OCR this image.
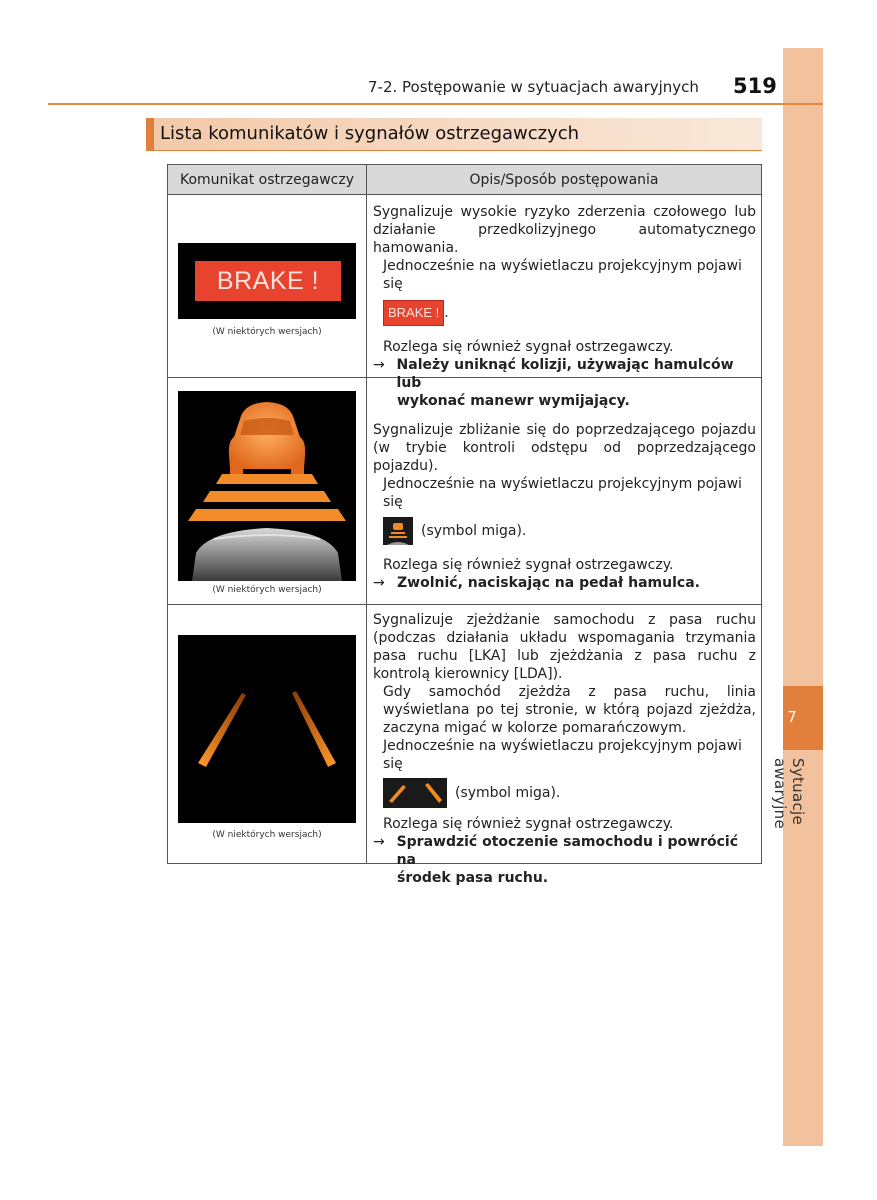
7
Sytuacje awaryjne
7-2. Postępowanie w sytuacjach awaryjnych 519
Lista komunikatów i sygnałów ostrzegawczych
Komunikat ostrzegawczy	Opis/Sposób postępowania
BRAKE !
(W niektórych wersjach)

Sygnalizuje wysokie ryzyko zderzenia czołowego lub działanie przedkolizyjnego automatycznego hamowania.

Jednocześnie na wyświetlaczu projekcyjnym pojawi się

BRAKE ! .

Rozlega się również sygnał ostrzegawczy.

→ Należy uniknąć kolizji, używając hamulców lub

wykonać manewr wymijający.

(W niektórych wersjach)

Sygnalizuje zbliżanie się do poprzedzającego pojazdu (w trybie kontroli odstępu od poprzedzającego pojazdu).

Jednocześnie na wyświetlaczu projekcyjnym pojawi się

(symbol miga).

Rozlega się również sygnał ostrzegawczy.

→ Zwolnić, naciskając na pedał hamulca.

(W niektórych wersjach)

Sygnalizuje zjeżdżanie samochodu z pasa ruchu (podczas działania układu wspomagania trzymania pasa ruchu [LKA] lub zjeżdżania z pasa ruchu z kontrolą kierownicy [LDA]).

Gdy samochód zjeżdża z pasa ruchu, linia wyświetlana po tej stronie, w którą pojazd zjeżdża, zaczyna migać w kolorze pomarańczowym.

Jednocześnie na wyświetlaczu projekcyjnym pojawi się

(symbol miga).

Rozlega się również sygnał ostrzegawczy.

→ Sprawdzić otoczenie samochodu i powrócić na

środek pasa ruchu.
